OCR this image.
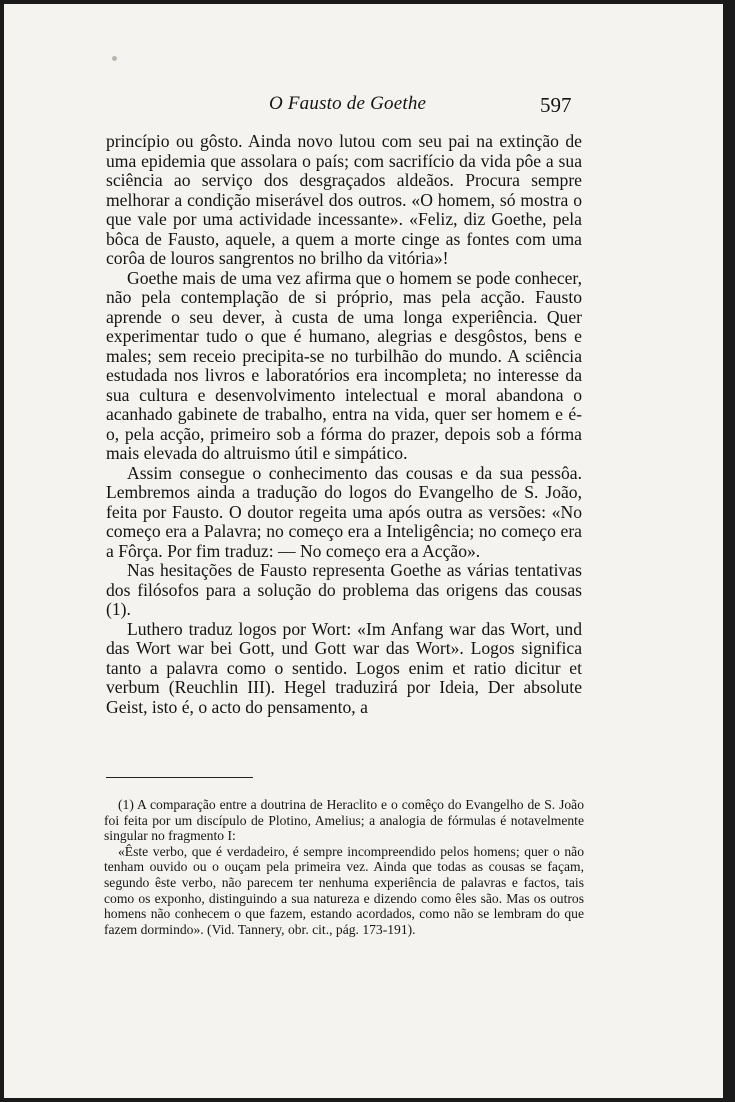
O Fausto de Goethe	597

princípio ou gôsto. Ainda novo lutou com seu pai na extinção de uma epidemia que assolara o país; com sacrifício da vida pôe a sua sciência ao serviço dos desgraçados aldeãos. Procura sempre melhorar a condição miserável dos outros. «O homem, só mostra o que vale por uma actividade incessante». «Feliz, diz Goethe, pela bôca de Fausto, aquele, a quem a morte cinge as fontes com uma corôa de louros sangrentos no brilho da vitória»!

Goethe mais de uma vez afirma que o homem se pode conhecer, não pela contemplação de si próprio, mas pela acção. Fausto aprende o seu dever, à custa de uma longa experiência. Quer experimentar tudo o que é humano, alegrias e desgôstos, bens e males; sem receio precipita-se no turbilhão do mundo. A sciência estudada nos livros e laboratórios era incompleta; no interesse da sua cultura e desenvolvimento intelectual e moral abandona o acanhado gabinete de trabalho, entra na vida, quer ser homem e é-o, pela acção, primeiro sob a fórma do prazer, depois sob a fórma mais elevada do altruismo útil e simpático.

Assim consegue o conhecimento das cousas e da sua pessôa. Lembremos ainda a tradução do logos do Evangelho de S. João, feita por Fausto. O doutor regeita uma após outra as versões: «No começo era a Palavra; no começo era a Inteligência; no começo era a Fôrça. Por fim traduz: — No começo era a Acção».

Nas hesitações de Fausto representa Goethe as várias tentativas dos filósofos para a solução do problema das origens das cousas (1).

Luthero traduz logos por Wort: «Im Anfang war das Wort, und das Wort war bei Gott, und Gott war das Wort». Logos significa tanto a palavra como o sentido. Logos enim et ratio dicitur et verbum (Reuchlin III). Hegel traduzirá por Ideia, Der absolute Geist, isto é, o acto do pensamento, a

(1) A comparação entre a doutrina de Heraclito e o comêço do Evangelho de S. João foi feita por um discípulo de Plotino, Amelius; a analogia de fórmulas é notavelmente singular no fragmento I:

«Êste verbo, que é verdadeiro, é sempre incompreendido pelos homens; quer o não tenham ouvido ou o ouçam pela primeira vez. Ainda que todas as cousas se façam, segundo êste verbo, não parecem ter nenhuma experiência de palavras e factos, tais como os exponho, distinguindo a sua natureza e dizendo como êles são. Mas os outros homens não conhecem o que fazem, estando acordados, como não se lembram do que fazem dormindo». (Vid. Tannery, obr. cit., pág. 173-191).
